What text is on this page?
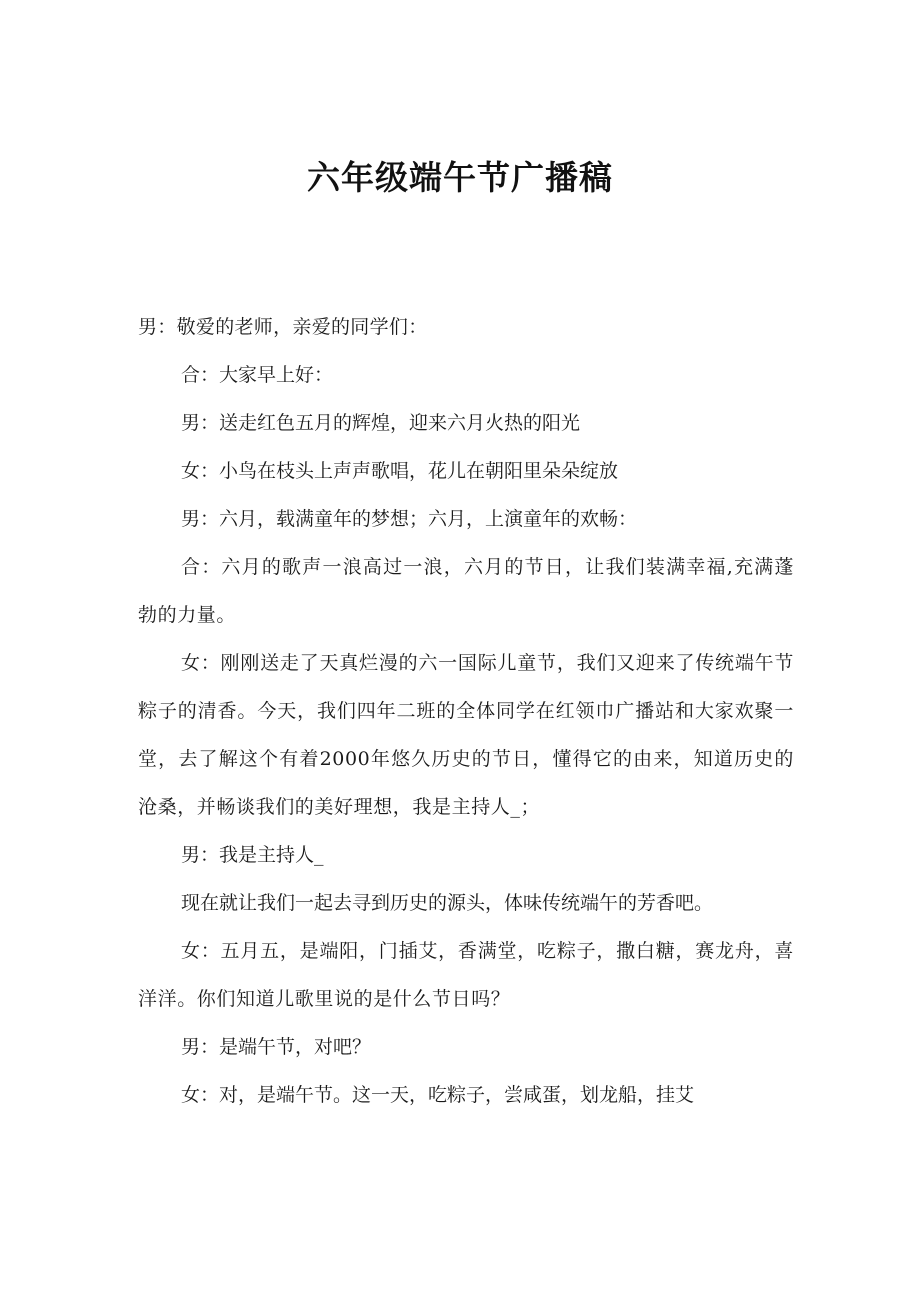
六年级端午节广播稿

男：敬爱的老师，亲爱的同学们：

合：大家早上好：

男：送走红色五月的辉煌，迎来六月火热的阳光

女：小鸟在枝头上声声歌唱，花儿在朝阳里朵朵绽放

男：六月，载满童年的梦想；六月，上演童年的欢畅：

合：六月的歌声一浪高过一浪，六月的节日，让我们装满幸福,充满蓬勃的力量。

女：刚刚送走了天真烂漫的六一国际儿童节，我们又迎来了传统端午节粽子的清香。今天，我们四年二班的全体同学在红领巾广播站和大家欢聚一堂，去了解这个有着2000年悠久历史的节日，懂得它的由来，知道历史的沧桑，并畅谈我们的美好理想，我是主持人_；

男：我是主持人_

现在就让我们一起去寻到历史的源头，体味传统端午的芳香吧。

女：五月五，是端阳，门插艾，香满堂，吃粽子，撒白糖，赛龙舟，喜洋洋。你们知道儿歌里说的是什么节日吗？

男：是端午节，对吧？

女：对，是端午节。这一天，吃粽子，尝咸蛋，划龙船，挂艾
